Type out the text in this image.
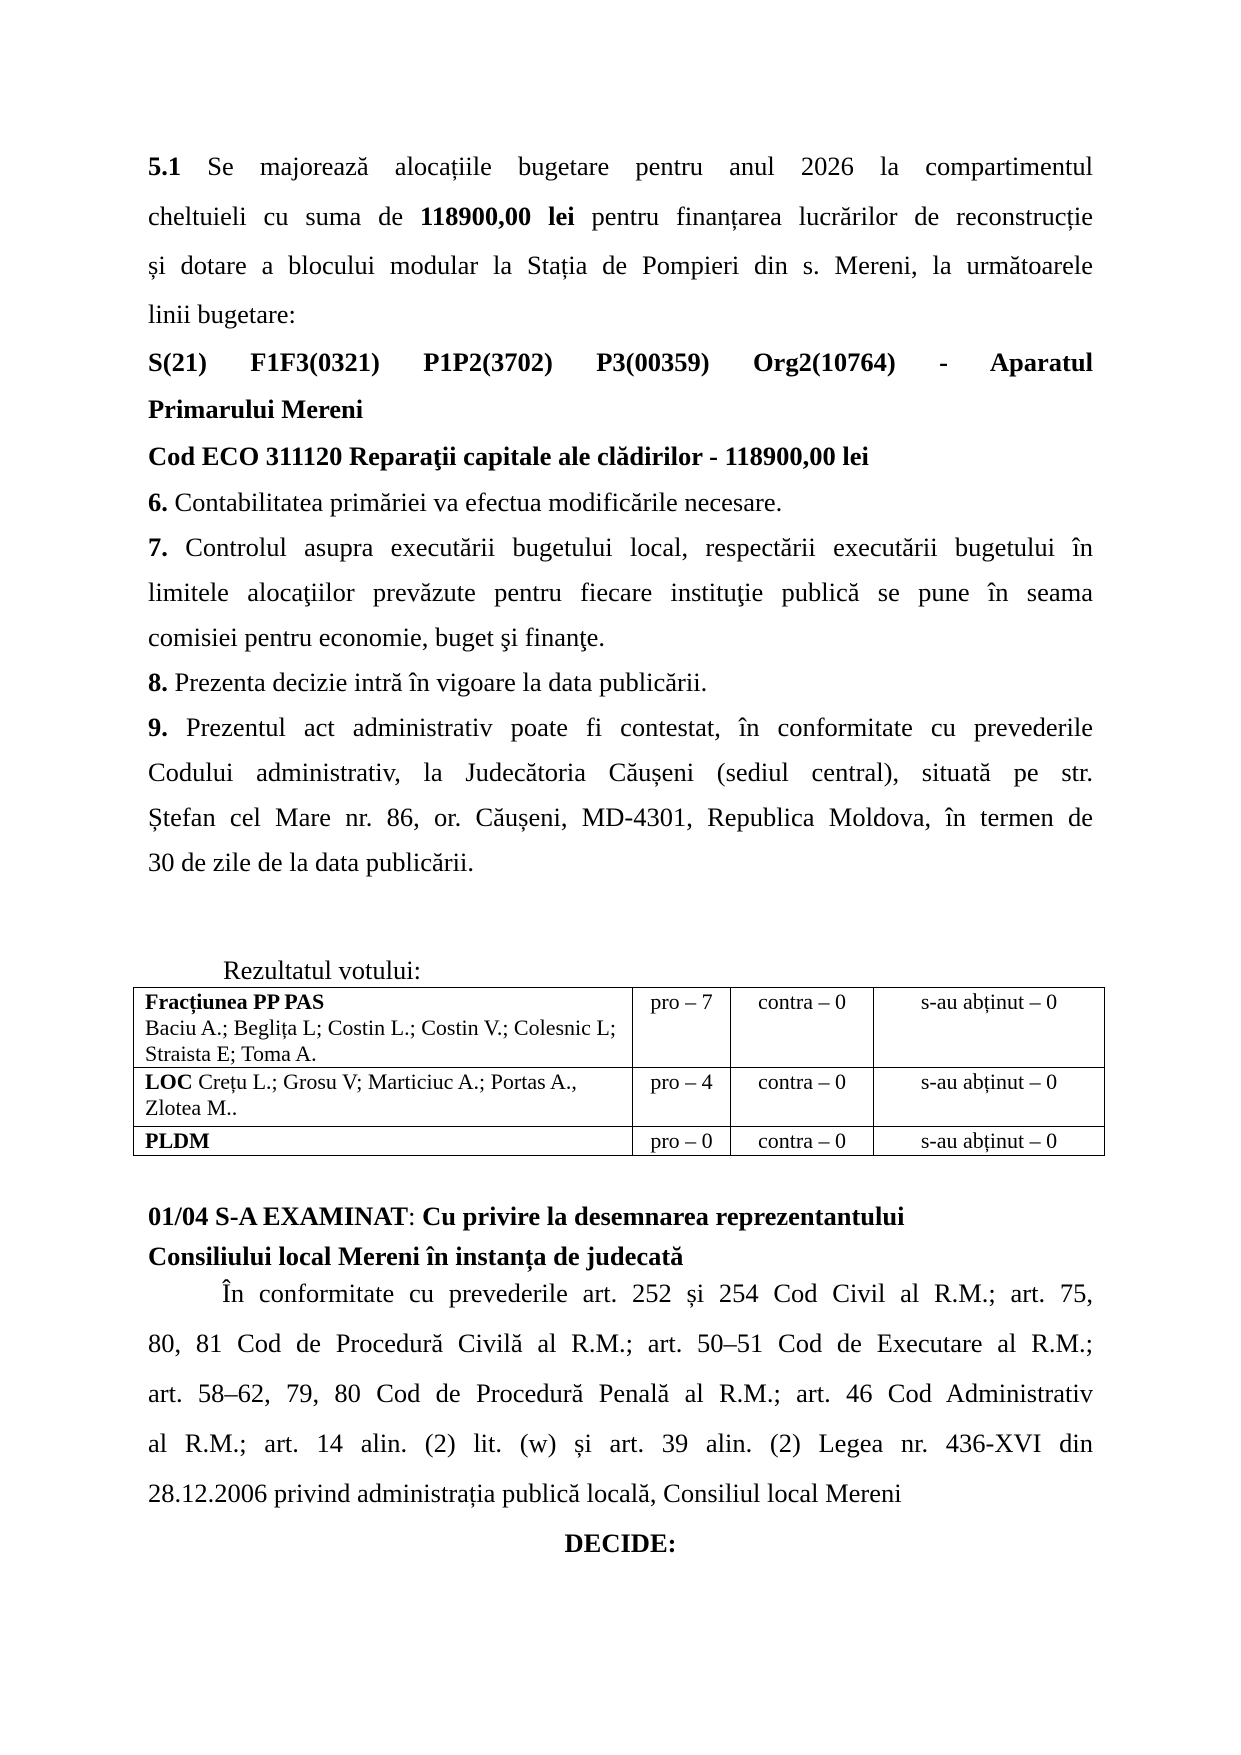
5.1 Se majorează alocațiile bugetare pentru anul 2026 la compartimentul
cheltuieli cu suma de 118900,00 lei pentru finanțarea lucrărilor de reconstrucție
și dotare a blocului modular la Stația de Pompieri din s. Mereni, la următoarele
linii bugetare:
S(21)  F1F3(0321)  P1P2(3702)  P3(00359)  Org2(10764)  -  Aparatul
Primarului Mereni
Cod ECO 311120 Reparaţii capitale ale clădirilor - 118900,00 lei
6. Contabilitatea primăriei va efectua modificările necesare.
7. Controlul asupra executării bugetului local, respectării executării bugetului în
limitele alocaţiilor prevăzute pentru fiecare instituţie publică se pune în seama
comisiei pentru economie, buget şi finanţe.
8. Prezenta decizie intră în vigoare la data publicării.
9. Prezentul act administrativ poate fi contestat, în conformitate cu prevederile
Codului administrativ, la Judecătoria Căușeni (sediul central), situată pe str.
Ștefan cel Mare nr. 86, or. Căușeni, MD-4301, Republica Moldova, în termen de
30 de zile de la data publicării.
Rezultatul votului:
Fracțiunea PP PAS
Baciu A.; Beglița L; Costin L.; Costin V.; Colesnic L; Straista E; Toma A.	pro – 7	contra – 0	s-au abținut – 0
LOC Crețu L.; Grosu V; Marticiuc A.; Portas A., Zlotea M..	pro – 4	contra – 0	s-au abținut – 0
PLDM	pro – 0	contra – 0	s-au abținut – 0
01/04 S-A EXAMINAT: Cu privire la desemnarea reprezentantului
Consiliului local Mereni în instanța de judecată
În conformitate cu prevederile art. 252 și 254 Cod Civil al R.M.; art. 75,
80, 81 Cod de Procedură Civilă al R.M.; art. 50–51 Cod de Executare al R.M.;
art. 58–62, 79, 80 Cod de Procedură Penală al R.M.; art. 46 Cod Administrativ
al R.M.; art. 14 alin. (2) lit. (w) și art. 39 alin. (2) Legea nr. 436-XVI din
28.12.2006 privind administrația publică locală, Consiliul local Mereni
DECIDE:
